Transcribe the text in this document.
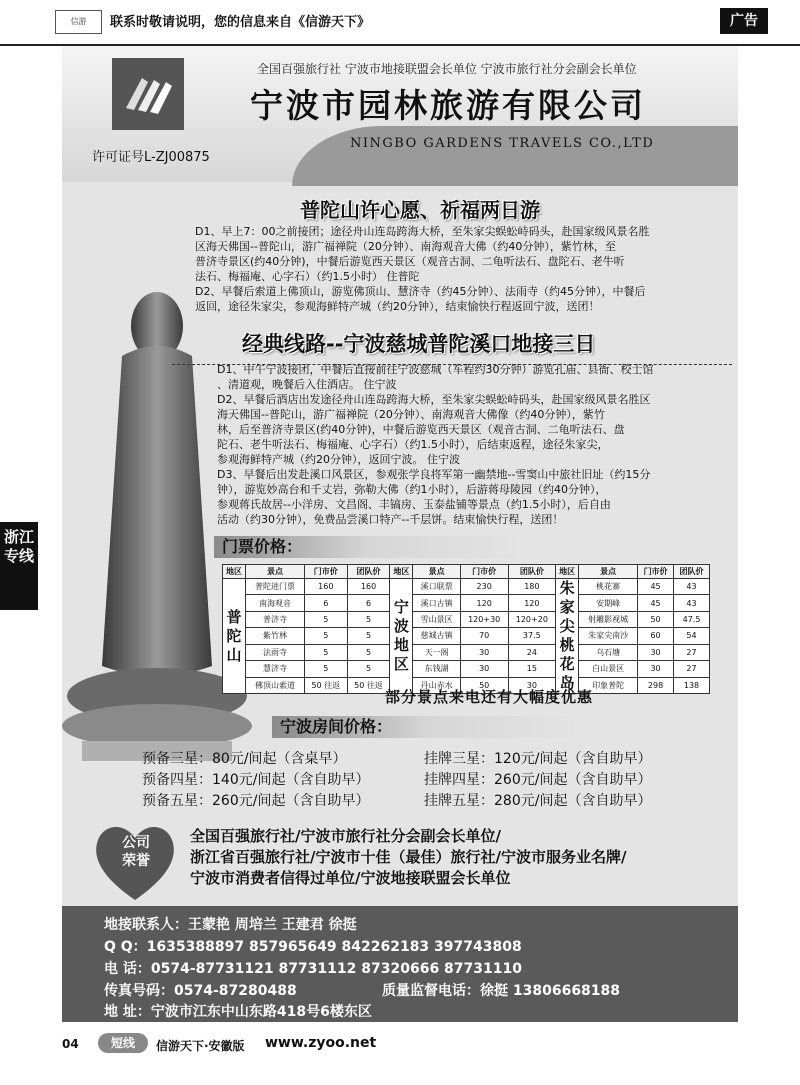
信游	联系时敬请说明，您的信息来自《信游天下》	广告
浙江专线
全国百强旅行社 宁波市地接联盟会长单位 宁波市旅行社分会副会长单位
宁波市园林旅游有限公司
NINGBO GARDENS TRAVELS CO.,LTD
许可证号L-ZJ00875
普陀山许心愿、祈福两日游

D1、早上7：00之前接团；途径舟山连岛跨海大桥，至朱家尖蜈蚣峙码头，赴国家级风景名胜

区海天佛国--普陀山，游广福禅院（20分钟）、南海观音大佛（约40分钟），紫竹林，至

普济寺景区(约40分钟)，中餐后游览西天景区（观音古洞、二龟听法石、盘陀石、老牛听

法石、梅福庵、心字石）（约1.5小时） 住普陀

D2、早餐后索道上佛顶山，游览佛顶山、慧济寺（约45分钟）、法雨寺（约45分钟），中餐后

返回，途径朱家尖，参观海鲜特产城（约20分钟），结束愉快行程返回宁波，送团！

经典线路--宁波慈城普陀溪口地接三日

D1、中午宁波接团，中餐后直接前往宁波慈城（车程约30分钟）游览孔庙、县衙、校士馆

、清道观，晚餐后入住酒店。 住宁波

D2、早餐后酒店出发途径舟山连岛跨海大桥，至朱家尖蜈蚣峙码头，赴国家级风景名胜区

海天佛国--普陀山，游广福禅院（20分钟）、南海观音大佛像（约40分钟），紫竹

林，后至普济寺景区(约40分钟)，中餐后游览西天景区（观音古洞、二龟听法石、盘

陀石、老牛听法石、梅福庵、心字石）（约1.5小时），后结束返程，途径朱家尖，

参观海鲜特产城（约20分钟），返回宁波。 住宁波

D3、早餐后出发赴溪口风景区，参观张学良将军第一幽禁地--雪窦山中旅社旧址（约15分

钟），游览妙高台和千丈岩，弥勒大佛（约1小时），后游蒋母陵园（约40分钟），

参观蒋氏故居--小洋房、文昌阁、丰镐房、玉泰盐铺等景点（约1.5小时），后自由

活动（约30分钟），免费品尝溪口特产--千层饼。结束愉快行程，送团！

门票价格：
地区	景点	门市价	团队价	地区	景点	门市价	团队价	地区	景点	门市价	团队价
普陀山	普陀进门票	160	160	宁波地区	溪口联票	230	180	朱家尖桃花岛	桃花寨	45	43
	南海观音	6	6		溪口古镇	120	120		安期峰	45	43
	普济寺	5	5		雪山景区	120+30	120+20		射雕影视城	50	47.5
	紫竹林	5	5		慈城古镇	70	37.5		朱家尖南沙	60	54
	法雨寺	5	5		天一阁	30	24		乌石塘	30	27
	慧济寺	5	5		东钱湖	30	15		白山景区	30	27
	佛顶山索道	50 往返	50 往返		丹山赤水	50	30		印象普陀	298	138
部分景点来电还有大幅度优惠
宁波房间价格：
预备三星：80元/间起（含桌早）
预备四星：140元/间起（含自助早）
预备五星：260元/间起（含自助早）
挂牌三星：120元/间起（含自助早）
挂牌四星：260元/间起（含自助早）
挂牌五星：280元/间起（含自助早）
公司荣誉

全国百强旅行社/宁波市旅行社分会副会长单位/

浙江省百强旅行社/宁波市十佳（最佳）旅行社/宁波市服务业名牌/

宁波市消费者信得过单位/宁波地接联盟会长单位

地接联系人：王蒙艳 周培兰 王建君 徐挺

Q Q：1635388897 857965649 842262183 397743808

电 话：0574-87731121 87731112 87320666 87731110

传真号码：0574-87280488	质量监督电话：徐挺 13806668188

地 址：宁波市江东中山东路418号6楼东区

04	短线	信游天下·安徽版 www.zyoo.net
